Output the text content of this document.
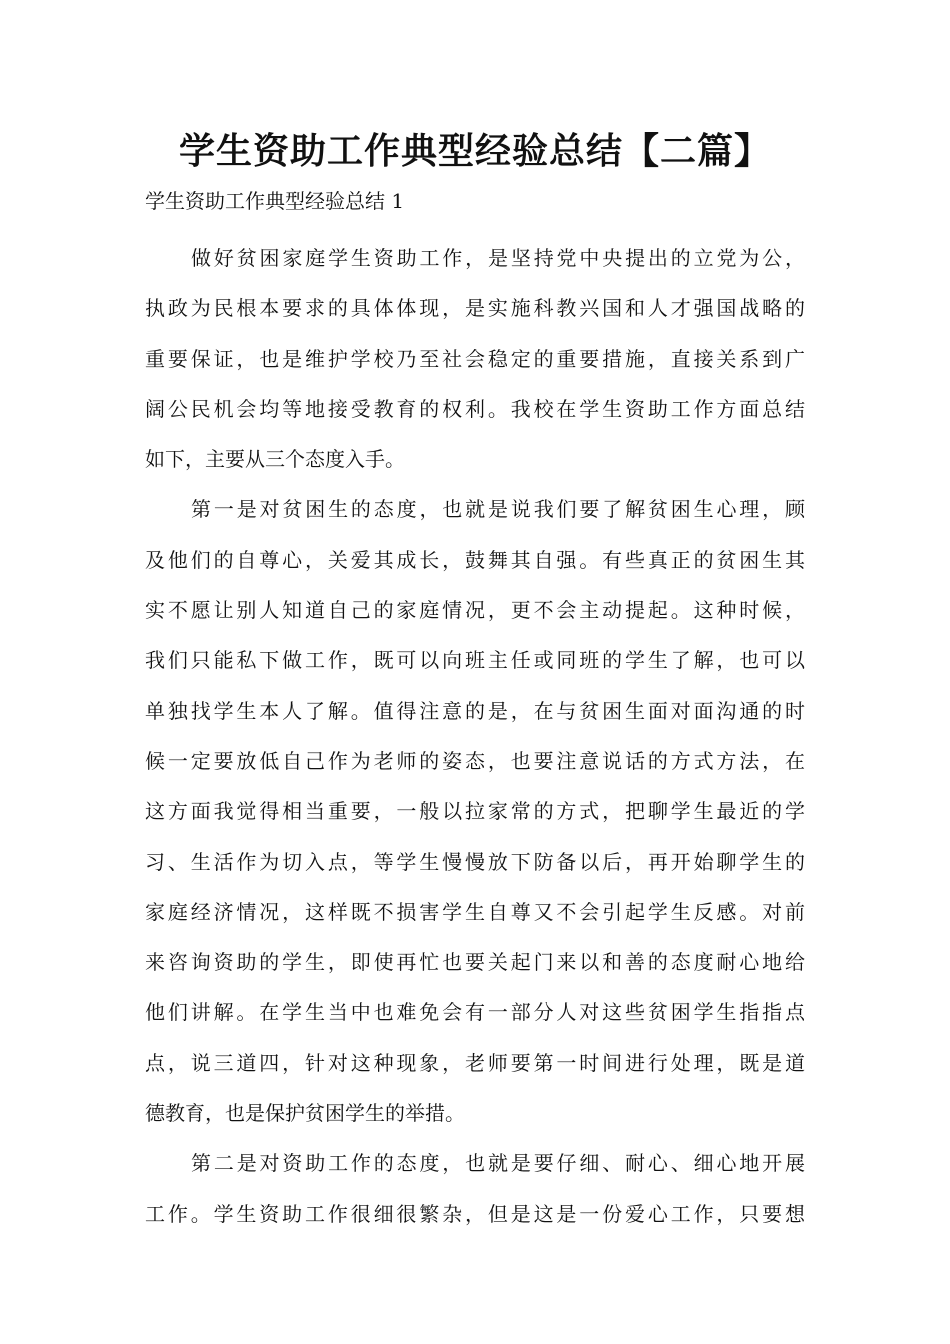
学生资助工作典型经验总结【二篇】

学生资助工作典型经验总结 1

做好贫困家庭学生资助工作，是坚持党中央提出的立党为公，
执政为民根本要求的具体体现，是实施科教兴国和人才强国战略的
重要保证，也是维护学校乃至社会稳定的重要措施，直接关系到广
阔公民机会均等地接受教育的权利。我校在学生资助工作方面总结
如下，主要从三个态度入手。

第一是对贫困生的态度，也就是说我们要了解贫困生心理，顾
及他们的自尊心，关爱其成长，鼓舞其自强。有些真正的贫困生其
实不愿让别人知道自己的家庭情况，更不会主动提起。这种时候，
我们只能私下做工作，既可以向班主任或同班的学生了解，也可以
单独找学生本人了解。值得注意的是，在与贫困生面对面沟通的时
候一定要放低自己作为老师的姿态，也要注意说话的方式方法，在
这方面我觉得相当重要，一般以拉家常的方式，把聊学生最近的学
习、生活作为切入点，等学生慢慢放下防备以后，再开始聊学生的
家庭经济情况，这样既不损害学生自尊又不会引起学生反感。对前
来咨询资助的学生，即使再忙也要关起门来以和善的态度耐心地给
他们讲解。在学生当中也难免会有一部分人对这些贫困学生指指点
点，说三道四，针对这种现象，老师要第一时间进行处理，既是道
德教育，也是保护贫困学生的举措。

第二是对资助工作的态度，也就是要仔细、耐心、细心地开展
工作。学生资助工作很细很繁杂，但是这是一份爱心工作，只要想
